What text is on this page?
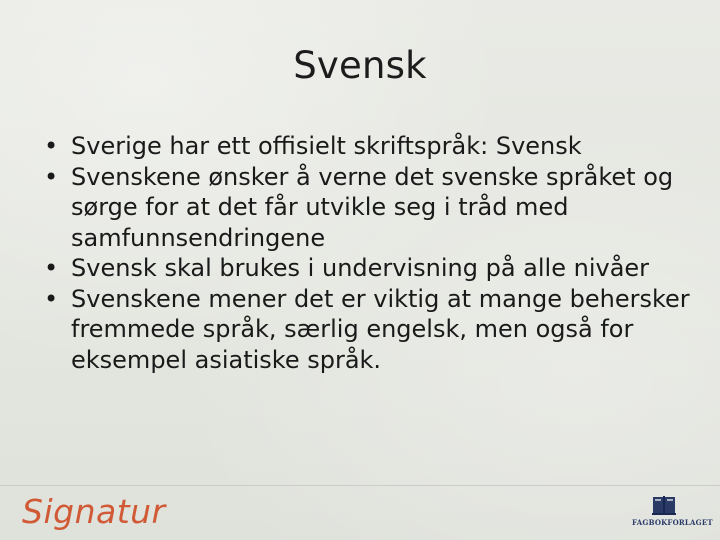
Svensk
• Sverige har ett offisielt skriftspråk: Svensk
• Svenskene ønsker å verne det svenske språket og sørge for at det får utvikle seg i tråd med samfunnsendringene
• Svensk skal brukes i undervisning på alle nivåer
• Svenskene mener det er viktig at mange behersker fremmede språk, særlig engelsk, men også for eksempel asiatiske språk.
Signatur	FAGBOKFORLAGET
